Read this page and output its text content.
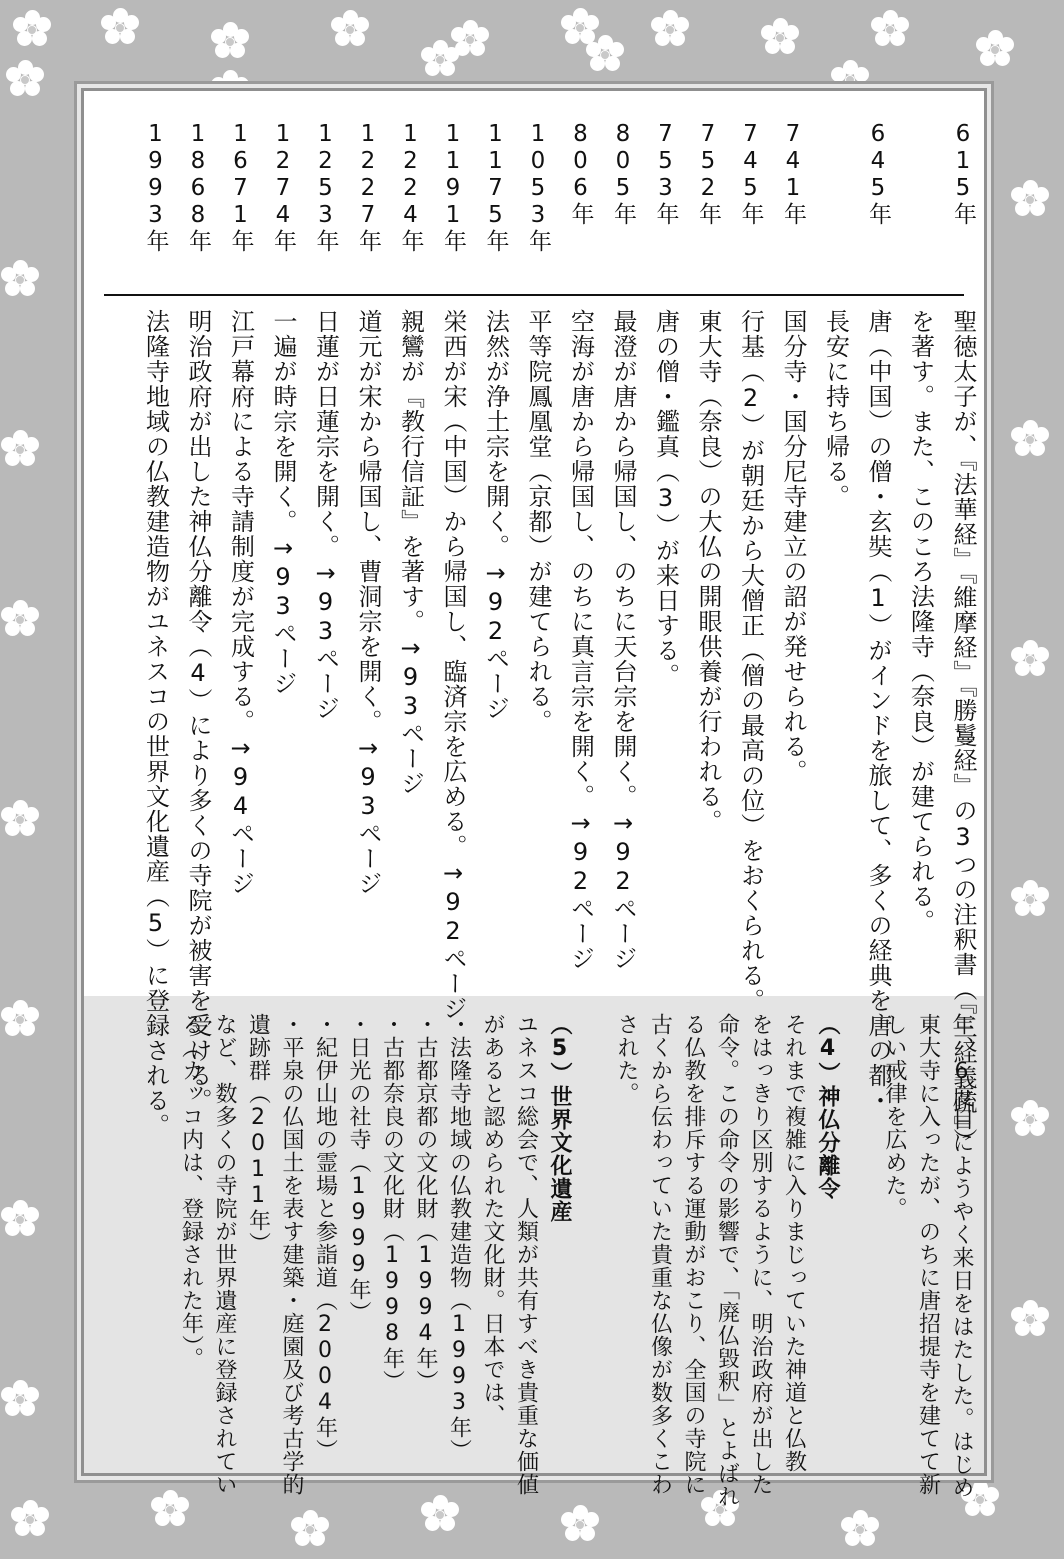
615年
聖徳太子が、『法華経』『維摩経』『勝鬘経』の3つの注釈書（『三経義疏』）
を著す。また、このころ法隆寺（奈良）が建てられる。
645年
唐（中国）の僧・玄奘（1）がインドを旅して、多くの経典を唐の都・
長安に持ち帰る。
741年
国分寺・国分尼寺建立の詔が発せられる。
745年
行基（2）が朝廷から大僧正（僧の最高の位）をおくられる。
752年
東大寺（奈良）の大仏の開眼供養が行われる。
753年
唐の僧・鑑真（3）が来日する。
805年
最澄が唐から帰国し、のちに天台宗を開く。→92ページ
806年
空海が唐から帰国し、のちに真言宗を開く。→92ページ
1053年
平等院鳳凰堂（京都）が建てられる。
1175年
法然が浄土宗を開く。→92ページ
1191年
栄西が宋（中国）から帰国し、臨済宗を広める。→92ページ
1224年
親鸞が『教行信証』を著す。→93ページ
1227年
道元が宋から帰国し、曹洞宗を開く。→93ページ
1253年
日蓮が日蓮宗を開く。→93ページ
1274年
一遍が時宗を開く。→93ページ
1671年
江戸幕府による寺請制度が完成する。→94ページ
1868年
明治政府が出した神仏分離令（4）により多くの寺院が被害を受ける。
1993年
法隆寺地域の仏教建造物がユネスコの世界文化遺産（5）に登録される。
年、6度目にようやく来日をはたした。はじめ
東大寺に入ったが、のちに唐招提寺を建てて新
しい戒律を広めた。
（4）神仏分離令
それまで複雑に入りまじっていた神道と仏教
をはっきり区別するように、明治政府が出した
命令。この命令の影響で、「廃仏毀釈」とよばれ
る仏教を排斥する運動がおこり、全国の寺院に
古くから伝わっていた貴重な仏像が数多くこわ
された。
（5）世界文化遺産
ユネスコ総会で、人類が共有すべき貴重な価値
があると認められた文化財。日本では、
・法隆寺地域の仏教建造物（1993年）
・古都京都の文化財（1994年）
・古都奈良の文化財（1998年）
・日光の社寺（1999年）
・紀伊山地の霊場と参詣道（2004年）
・平泉の仏国土を表す建築・庭園及び考古学的
遺跡群（2011年）
など、数多くの寺院が世界遺産に登録されてい
る（カッコ内は、登録された年）。
